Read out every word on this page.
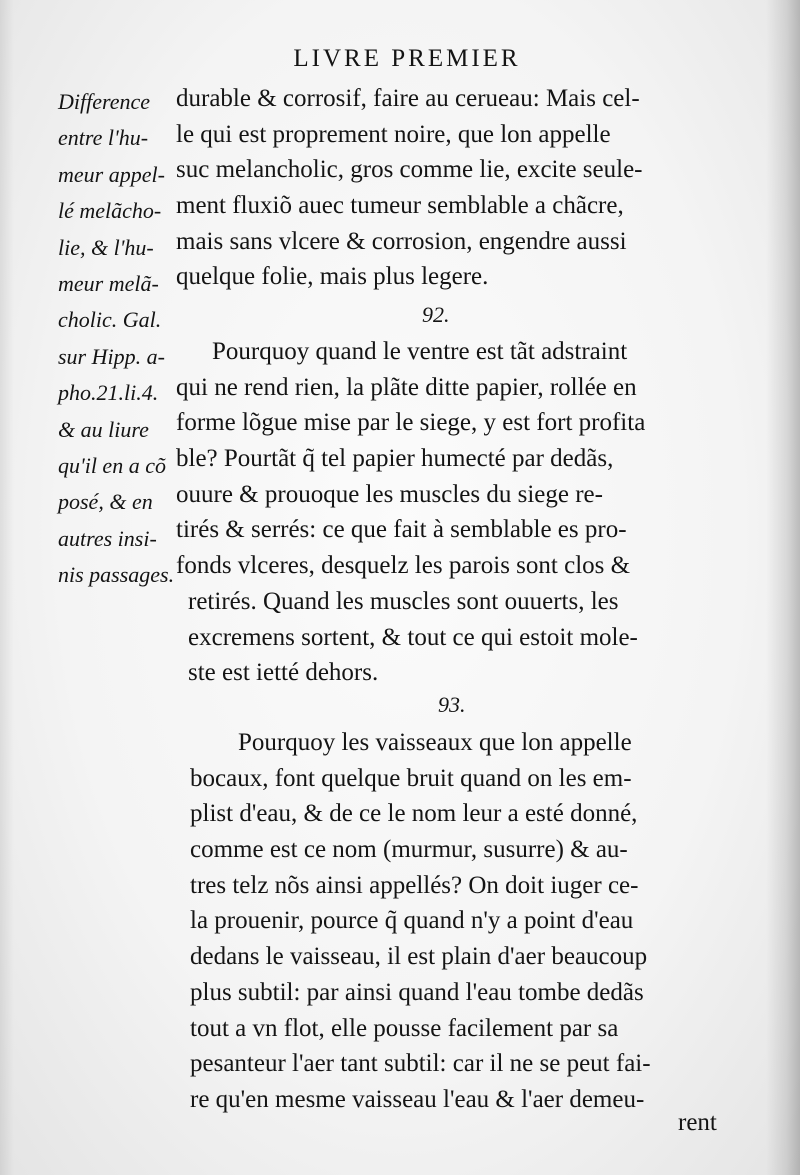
LIVRE PREMIER
Difference
entre l'hu-
meur appel-
lé melãcho-
lie, & l'hu-
meur melã-
cholic. Gal.
sur Hipp. a-
pho.21.li.4.
& au liure
qu'il en a cõ
posé, & en
autres insi-
nis passages.
durable & corrosif, faire au cerueau: Mais cel-
le qui est proprement noire, que lon appelle
suc melancholic, gros comme lie, excite seule-
ment fluxiõ auec tumeur semblable a chãcre,
mais sans vlcere & corrosion, engendre aussi
quelque folie, mais plus legere.
92.
Pourquoy quand le ventre est tãt adstraint
qui ne rend rien, la plãte ditte papier, rollée en
forme lõgue mise par le siege, y est fort profita
ble? Pourtãt q̃ tel papier humecté par dedãs,
ouure & prouoque les muscles du siege re-
tirés & serrés: ce que fait à semblable es pro-
fonds vlceres, desquelz les parois sont clos &
retirés. Quand les muscles sont ouuerts, les
excremens sortent, & tout ce qui estoit mole-
ste est ietté dehors.
93.
Pourquoy les vaisseaux que lon appelle
bocaux, font quelque bruit quand on les em-
plist d'eau, & de ce le nom leur a esté donné,
comme est ce nom (murmur, susurre) & au-
tres telz nõs ainsi appellés? On doit iuger ce-
la prouenir, pource q̃ quand n'y a point d'eau
dedans le vaisseau, il est plain d'aer beaucoup
plus subtil: par ainsi quand l'eau tombe dedãs
tout a vn flot, elle pousse facilement par sa
pesanteur l'aer tant subtil: car il ne se peut fai-
re qu'en mesme vaisseau l'eau & l'aer demeu-
rent
